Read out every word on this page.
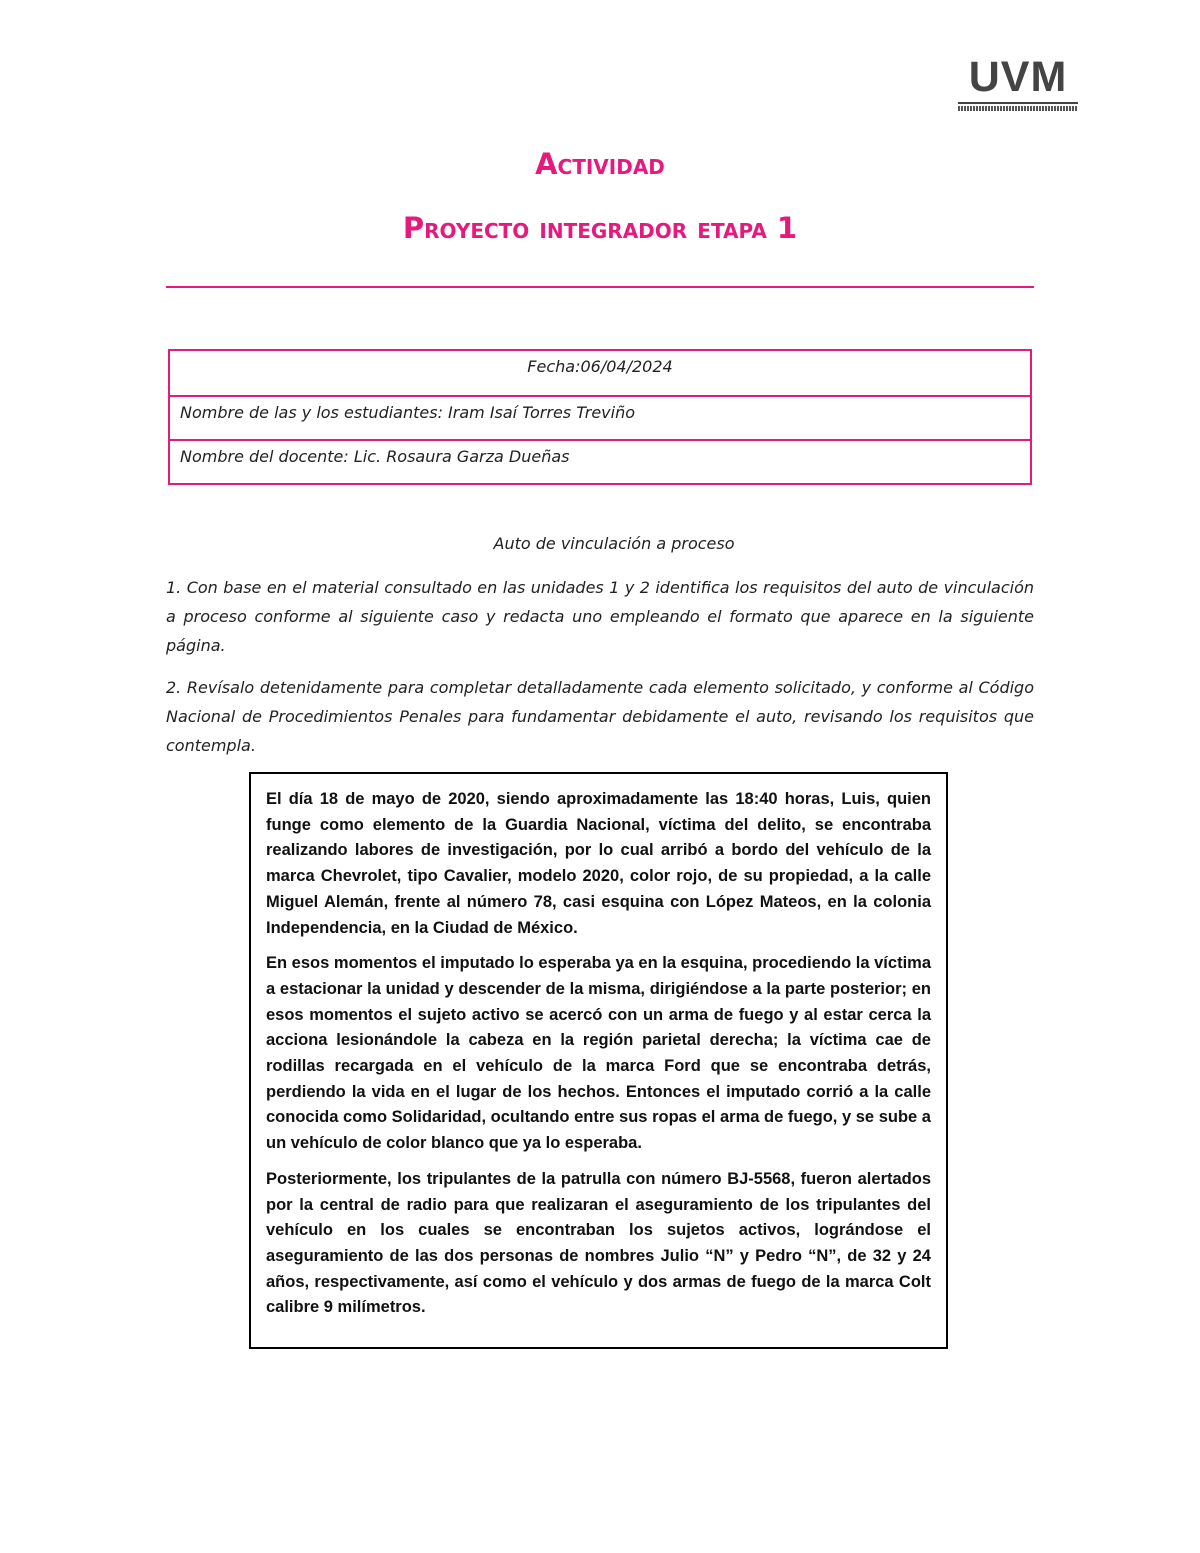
UVM
Actividad
Proyecto integrador etapa 1
Fecha:06/04/2024
Nombre de las y los estudiantes: Iram Isaí Torres Treviño
Nombre del docente: Lic. Rosaura Garza Dueñas
Auto de vinculación a proceso

1. Con base en el material consultado en las unidades 1 y 2 identifica los requisitos del auto de vinculación a proceso conforme al siguiente caso y redacta uno empleando el formato que aparece en la siguiente página.

2. Revísalo detenidamente para completar detalladamente cada elemento solicitado, y conforme al Código Nacional de Procedimientos Penales para fundamentar debidamente el auto, revisando los requisitos que contempla.

El día 18 de mayo de 2020, siendo aproximadamente las 18:40 horas, Luis, quien funge como elemento de la Guardia Nacional, víctima del delito, se encontraba realizando labores de investigación, por lo cual arribó a bordo del vehículo de la marca Chevrolet, tipo Cavalier, modelo 2020, color rojo, de su propiedad, a la calle Miguel Alemán, frente al número 78, casi esquina con López Mateos, en la colonia Independencia, en la Ciudad de México.

En esos momentos el imputado lo esperaba ya en la esquina, procediendo la víctima a estacionar la unidad y descender de la misma, dirigiéndose a la parte posterior; en esos momentos el sujeto activo se acercó con un arma de fuego y al estar cerca la acciona lesionándole la cabeza en la región parietal derecha; la víctima cae de rodillas recargada en el vehículo de la marca Ford que se encontraba detrás, perdiendo la vida en el lugar de los hechos. Entonces el imputado corrió a la calle conocida como Solidaridad, ocultando entre sus ropas el arma de fuego, y se sube a un vehículo de color blanco que ya lo esperaba.

Posteriormente, los tripulantes de la patrulla con número BJ-5568, fueron alertados por la central de radio para que realizaran el aseguramiento de los tripulantes del vehículo en los cuales se encontraban los sujetos activos, lográndose el aseguramiento de las dos personas de nombres Julio “N” y Pedro “N”, de 32 y 24 años, respectivamente, así como el vehículo y dos armas de fuego de la marca Colt calibre 9 milímetros.
